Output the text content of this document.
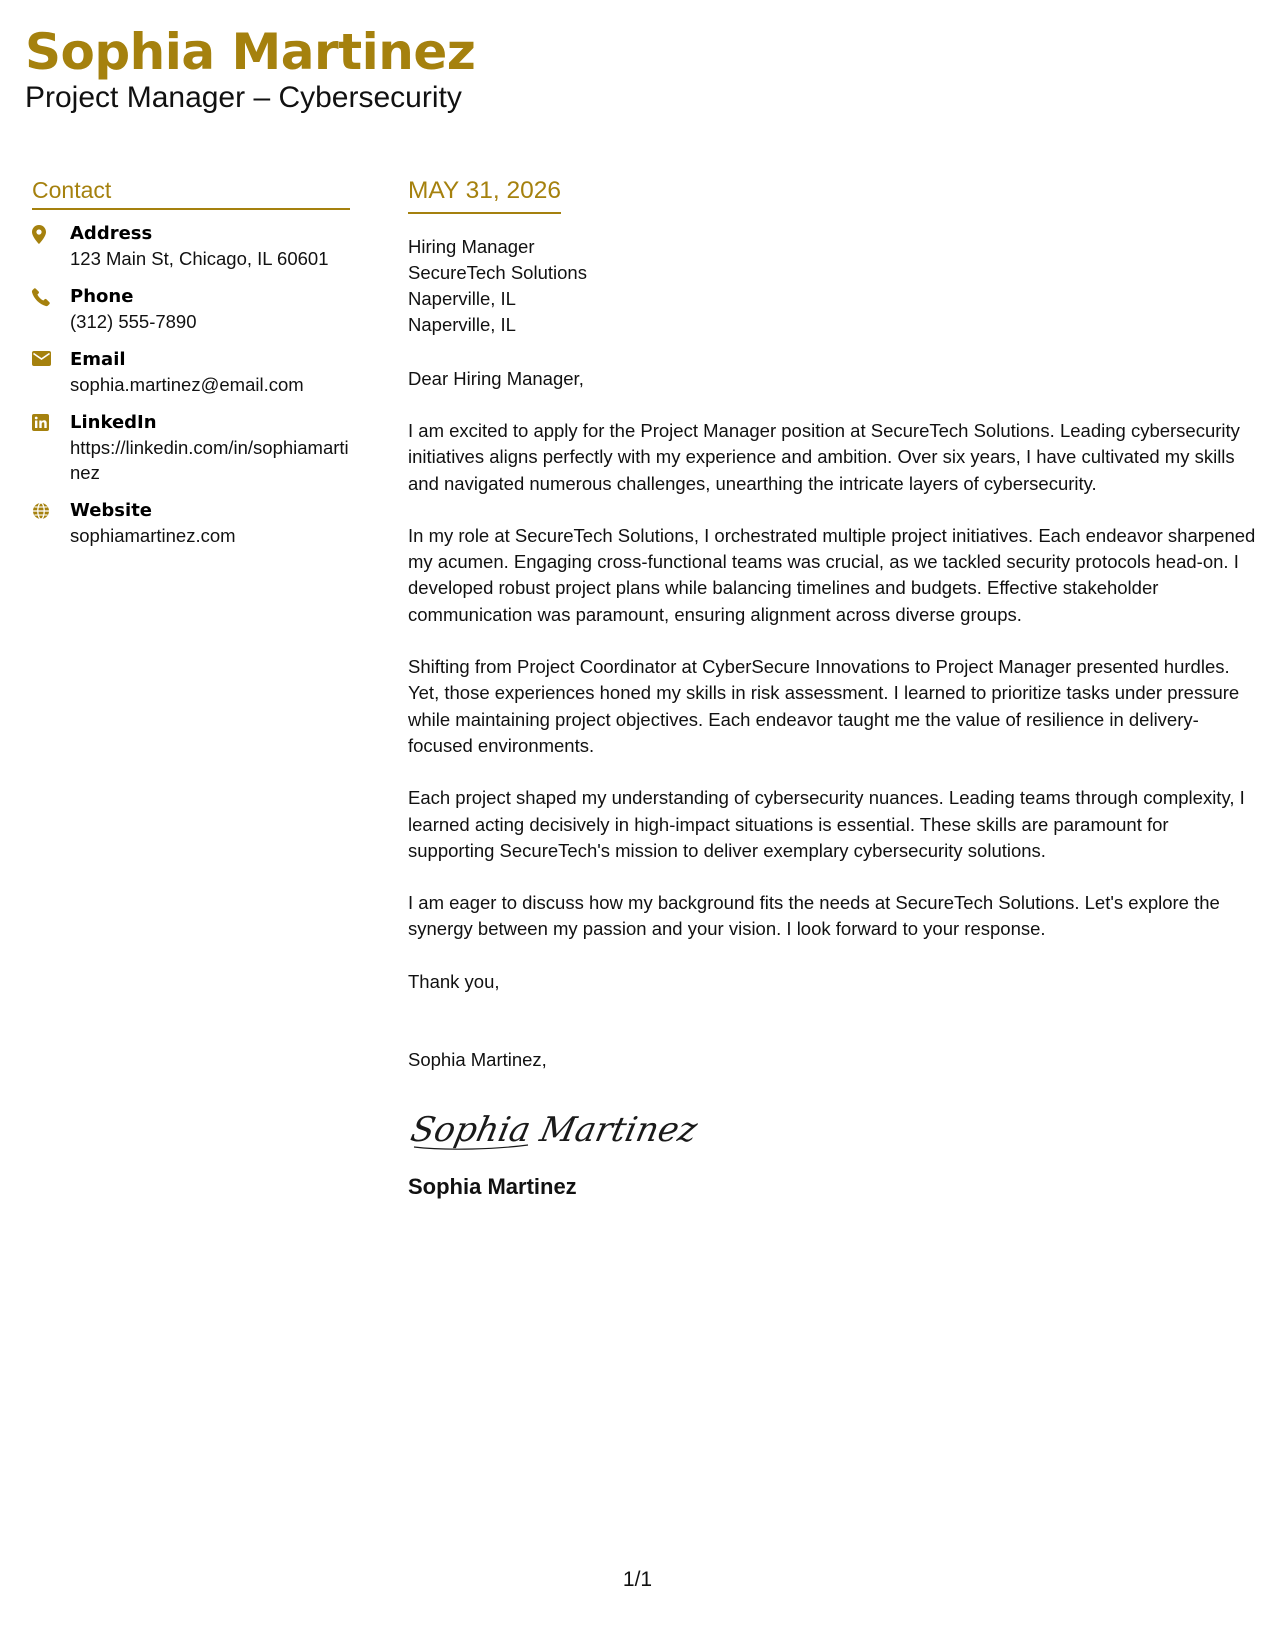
Sophia Martinez
Project Manager – Cybersecurity
Contact
Address
123 Main St, Chicago, IL 60601
Phone
(312) 555-7890
Email
sophia.martinez@email.com
LinkedIn
https://linkedin.com/in/sophiamartinez
Website
sophiamartinez.com
MAY 31, 2026
Hiring Manager
SecureTech Solutions
Naperville, IL
Naperville, IL
Dear Hiring Manager,
I am excited to apply for the Project Manager position at SecureTech Solutions. Leading cybersecurity initiatives aligns perfectly with my experience and ambition. Over six years, I have cultivated my skills and navigated numerous challenges, unearthing the intricate layers of cybersecurity.
In my role at SecureTech Solutions, I orchestrated multiple project initiatives. Each endeavor sharpened my acumen. Engaging cross-functional teams was crucial, as we tackled security protocols head-on. I developed robust project plans while balancing timelines and budgets. Effective stakeholder communication was paramount, ensuring alignment across diverse groups.
Shifting from Project Coordinator at CyberSecure Innovations to Project Manager presented hurdles. Yet, those experiences honed my skills in risk assessment. I learned to prioritize tasks under pressure while maintaining project objectives. Each endeavor taught me the value of resilience in delivery-focused environments.
Each project shaped my understanding of cybersecurity nuances. Leading teams through complexity, I learned acting decisively in high-impact situations is essential. These skills are paramount for supporting SecureTech's mission to deliver exemplary cybersecurity solutions.
I am eager to discuss how my background fits the needs at SecureTech Solutions. Let's explore the synergy between my passion and your vision. I look forward to your response.
Thank you,
Sophia Martinez,
Sophia Martinez
Sophia Martinez
1/1
